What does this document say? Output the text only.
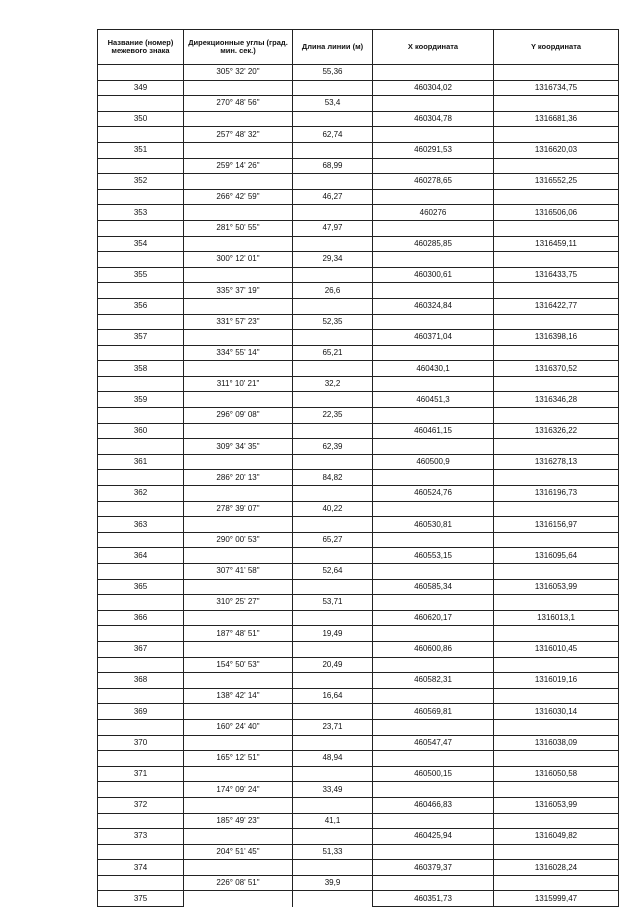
Название (номер) межевого знака	Дирекционные углы (град. мин. сек.)	Длина линии (м)	X координата	Y координата
	305° 32' 20"	55,36		
349			460304,02	1316734,75
	270° 48' 56"	53,4		
350			460304,78	1316681,36
	257° 48' 32"	62,74		
351			460291,53	1316620,03
	259° 14' 26"	68,99		
352			460278,65	1316552,25
	266° 42' 59"	46,27		
353			460276	1316506,06
	281° 50' 55"	47,97		
354			460285,85	1316459,11
	300° 12' 01"	29,34		
355			460300,61	1316433,75
	335° 37' 19"	26,6		
356			460324,84	1316422,77
	331° 57' 23"	52,35		
357			460371,04	1316398,16
	334° 55' 14"	65,21		
358			460430,1	1316370,52
	311° 10' 21"	32,2		
359			460451,3	1316346,28
	296° 09' 08"	22,35		
360			460461,15	1316326,22
	309° 34' 35"	62,39		
361			460500,9	1316278,13
	286° 20' 13"	84,82		
362			460524,76	1316196,73
	278° 39' 07"	40,22		
363			460530,81	1316156,97
	290° 00' 53"	65,27		
364			460553,15	1316095,64
	307° 41' 58"	52,64		
365			460585,34	1316053,99
	310° 25' 27"	53,71		
366			460620,17	1316013,1
	187° 48' 51"	19,49		
367			460600,86	1316010,45
	154° 50' 53"	20,49		
368			460582,31	1316019,16
	138° 42' 14"	16,64		
369			460569,81	1316030,14
	160° 24' 40"	23,71		
370			460547,47	1316038,09
	165° 12' 51"	48,94		
371			460500,15	1316050,58
	174° 09' 24"	33,49		
372			460466,83	1316053,99
	185° 49' 23"	41,1		
373			460425,94	1316049,82
	204° 51' 45"	51,33		
374			460379,37	1316028,24
	226° 08' 51"	39,9		
375			460351,73	1315999,47
